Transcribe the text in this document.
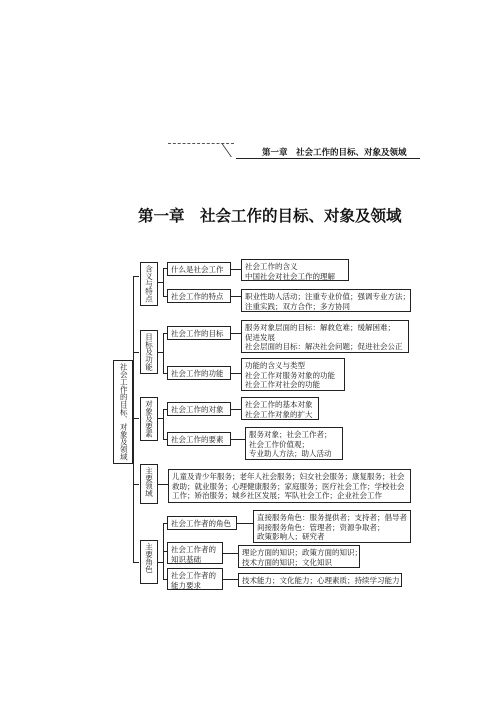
第一章　社会工作的目标、对象及领域
第一章　社会工作的目标、对象及领域
社会工作的目标、对象及领域
含义与特点	什么是社会工作	社会工作的含义
中国社会对社会工作的理解
社会工作的特点	职业性助人活动；注重专业价值；强调专业方法；
注重实践；双方合作；多方协同
目标及功能	社会工作的目标
服务对象层面的目标：解救危难；缓解困难；
促进发展
社会层面的目标：解决社会问题；促进社会公正
社会工作的功能
功能的含义与类型
社会工作对服务对象的功能
社会工作对社会的功能
对象及要素	社会工作的对象
社会工作的基本对象
社会工作对象的扩大
社会工作的要素
服务对象；社会工作者；
社会工作价值观；
专业助人方法；助人活动
主要领域	儿童及青少年服务；老年人社会服务；妇女社会服务；康复服务；社会
救助；就业服务；心理健康服务；家庭服务；医疗社会工作；学校社会
工作；矫治服务；城乡社区发展；军队社会工作；企业社会工作
主要角色
社会工作者的角色
直接服务角色：服务提供者；支持者；倡导者
间接服务角色：管理者；资源争取者；
政策影响人；研究者
社会工作者的
知识基础
理论方面的知识；政策方面的知识；
技术方面的知识；文化知识
社会工作者的
能力要求	技术能力；文化能力；心理素质；持续学习能力
